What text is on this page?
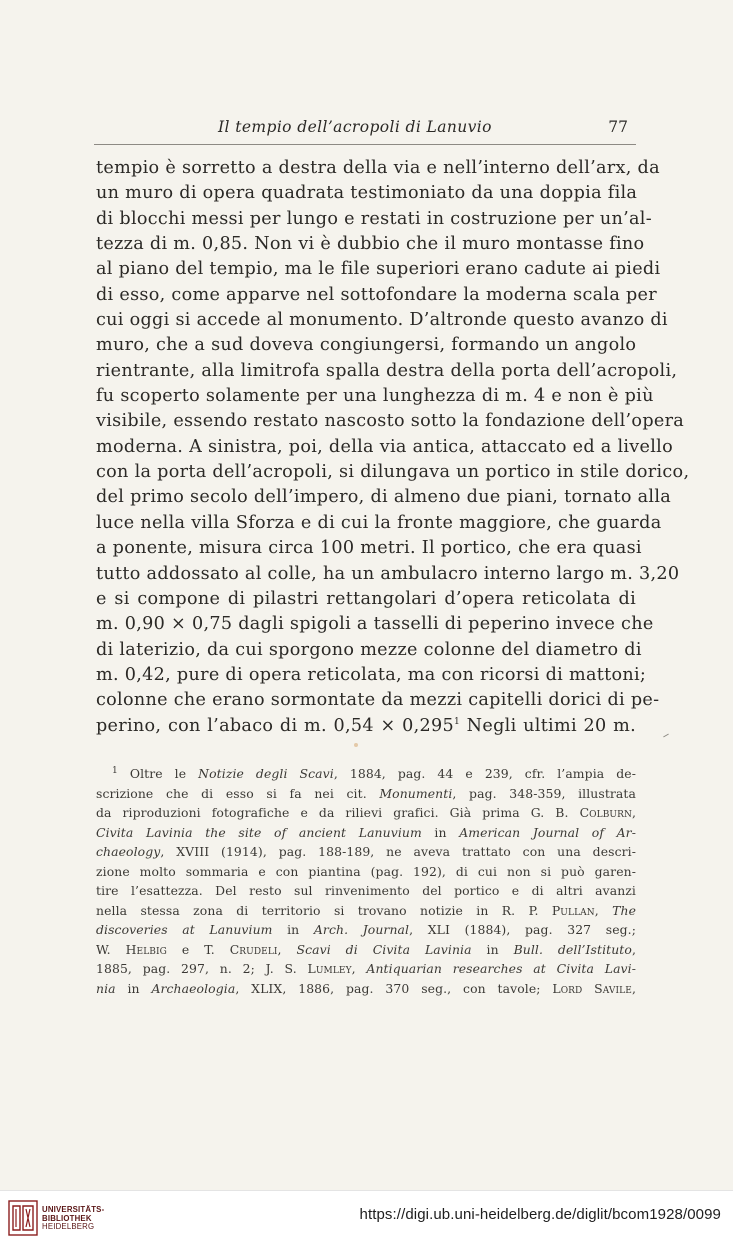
Il tempio dell’acropoli di Lanuvio	77
tempio è sorretto a destra della via e nell’interno dell’arx, da
un muro di opera quadrata testimoniato da una doppia fila
di blocchi messi per lungo e restati in costruzione per un’al-
tezza di m. 0,85. Non vi è dubbio che il muro montasse fino
al piano del tempio, ma le file superiori erano cadute ai piedi
di esso, come apparve nel sottofondare la moderna scala per
cui oggi si accede al monumento. D’altronde questo avanzo di
muro, che a sud doveva congiungersi, formando un angolo
rientrante, alla limitrofa spalla destra della porta dell’acropoli,
fu scoperto solamente per una lunghezza di m. 4 e non è più
visibile, essendo restato nascosto sotto la fondazione dell’opera
moderna. A sinistra, poi, della via antica, attaccato ed a livello
con la porta dell’acropoli, si dilungava un portico in stile dorico,
del primo secolo dell’impero, di almeno due piani, tornato alla
luce nella villa Sforza e di cui la fronte maggiore, che guarda
a ponente, misura circa 100 metri. Il portico, che era quasi
tutto addossato al colle, ha un ambulacro interno largo m. 3,20
e si compone di pilastri rettangolari d’opera reticolata di
m. 0,90 × 0,75 dagli spigoli a tasselli di peperino invece che
di laterizio, da cui sporgono mezze colonne del diametro di
m. 0,42, pure di opera reticolata, ma con ricorsi di mattoni;
colonne che erano sormontate da mezzi capitelli dorici di pe-
perino, con l’abaco di m. $0,54 \times 0,295^1$ Negli ultimi 20 m.
$^1$ Oltre le Notizie degli Scavi, 1884, pag. 44 e 239, cfr. l’ampia de-
scrizione che di esso si fa nei cit. Monumenti, pag. 348-359, illustrata
da riproduzioni fotografiche e da rilievi grafici. Già prima G. B. Colburn,
Civita Lavinia the site of ancient Lanuvium in American Journal of Ar-
chaeology, XVIII (1914), pag. 188-189, ne aveva trattato con una descri-
zione molto sommaria e con piantina (pag. 192), di cui non si può garen-
tire l’esattezza. Del resto sul rinvenimento del portico e di altri avanzi
nella stessa zona di territorio si trovano notizie in R. P. Pullan, The
discoveries at Lanuvium in Arch. Journal, XLI (1884), pag. 327 seg.;
W. Helbig e T. Crudeli, Scavi di Civita Lavinia in Bull. dell’Istituto,
1885, pag. 297, n. 2; J. S. Lumley, Antiquarian researches at Civita Lavi-
nia in Archaeologia, XLIX, 1886, pag. 370 seg., con tavole; Lord Savile,
UNIVERSITÄTS-
BIBLIOTHEK
HEIDELBERG
https://digi.ub.uni-heidelberg.de/diglit/bcom1928/0099
